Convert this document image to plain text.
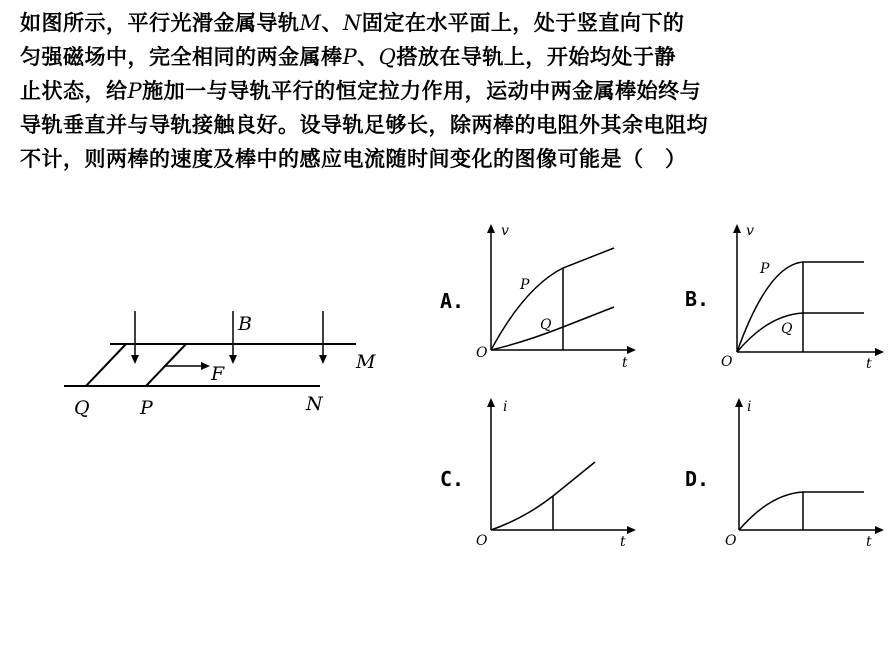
如图所示，平行光滑金属导轨M、N固定在水平面上，处于竖直向下的
匀强磁场中，完全相同的两金属棒P、Q搭放在导轨上，开始均处于静
止状态，给P施加一与导轨平行的恒定拉力作用，运动中两金属棒始终与
导轨垂直并与导轨接触良好。设导轨足够长，除两棒的电阻外其余电阻均
不计，则两棒的速度及棒中的感应电流随时间变化的图像可能是（　）
B
F
M
N
Q	P
A.
v
t
O
P
Q
B.
v
t
O
P
Q
C.
i
t
O
D.
i
t
O
